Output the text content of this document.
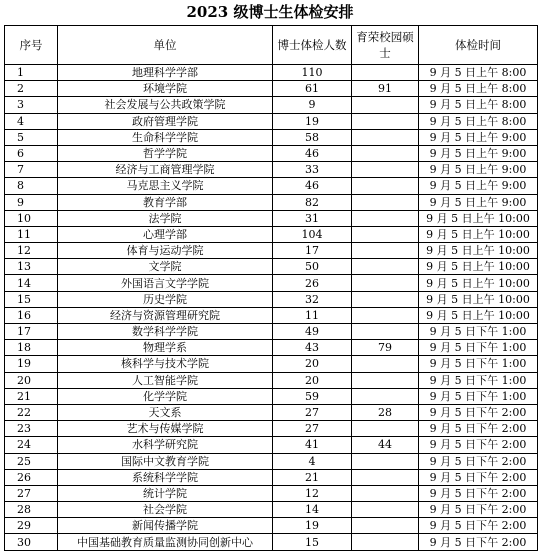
2023 级博士生体检安排
序号	单位	博士体检人数	育荣校园硕士	体检时间
1	地理科学学部	110		9 月 5 日上午 8:00
2	环境学院	61	91	9 月 5 日上午 8:00
3	社会发展与公共政策学院	9		9 月 5 日上午 8:00
4	政府管理学院	19		9 月 5 日上午 8:00
5	生命科学学院	58		9 月 5 日上午 9:00
6	哲学学院	46		9 月 5 日上午 9:00
7	经济与工商管理学院	33		9 月 5 日上午 9:00
8	马克思主义学院	46		9 月 5 日上午 9:00
9	教育学部	82		9 月 5 日上午 9:00
10	法学院	31		9 月 5 日上午 10:00
11	心理学部	104		9 月 5 日上午 10:00
12	体育与运动学院	17		9 月 5 日上午 10:00
13	文学院	50		9 月 5 日上午 10:00
14	外国语言文学学院	26		9 月 5 日上午 10:00
15	历史学院	32		9 月 5 日上午 10:00
16	经济与资源管理研究院	11		9 月 5 日上午 10:00
17	数学科学学院	49		9 月 5 日下午 1:00
18	物理学系	43	79	9 月 5 日下午 1:00
19	核科学与技术学院	20		9 月 5 日下午 1:00
20	人工智能学院	20		9 月 5 日下午 1:00
21	化学学院	59		9 月 5 日下午 1:00
22	天文系	27	28	9 月 5 日下午 2:00
23	艺术与传媒学院	27		9 月 5 日下午 2:00
24	水科学研究院	41	44	9 月 5 日下午 2:00
25	国际中文教育学院	4		9 月 5 日下午 2:00
26	系统科学学院	21		9 月 5 日下午 2:00
27	统计学院	12		9 月 5 日下午 2:00
28	社会学院	14		9 月 5 日下午 2:00
29	新闻传播学院	19		9 月 5 日下午 2:00
30	中国基础教育质量监测协同创新中心	15		9 月 5 日下午 2:00
